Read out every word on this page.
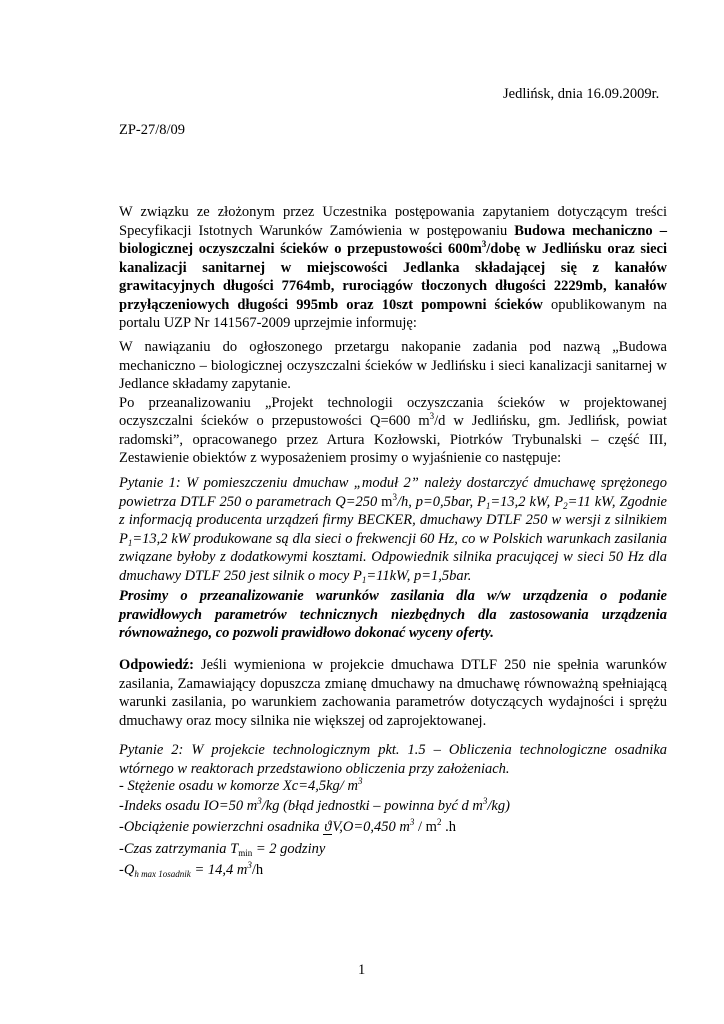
Jedlińsk, dnia 16.09.2009r.
ZP-27/8/09
W związku ze złożonym przez Uczestnika postępowania zapytaniem dotyczącym treści Specyfikacji Istotnych Warunków Zamówienia w postępowaniu Budowa mechaniczno – biologicznej oczyszczalni ścieków o przepustowości $600m^3$/dobę w Jedlińsku oraz sieci kanalizacji sanitarnej w miejscowości Jedlanka składającej się z kanałów grawitacyjnych długości 7764mb, rurociągów tłoczonych długości 2229mb, kanałów przyłączeniowych długości 995mb oraz 10szt pompowni ścieków opublikowanym na portalu UZP Nr 141567-2009 uprzejmie informuję:

W nawiązaniu do ogłoszonego przetargu nakopanie zadania pod nazwą „Budowa mechaniczno – biologicznej oczyszczalni ścieków w Jedlińsku i sieci kanalizacji sanitarnej w Jedlance składamy zapytanie.

Po przeanalizowaniu „Projekt technologii oczyszczania ścieków w projektowanej oczyszczalni ścieków o przepustowości Q=600 $m^3/d$ w Jedlińsku, gm. Jedlińsk, powiat radomski”, opracowanego przez Artura Kozłowski, Piotrków Trybunalski – część III, Zestawienie obiektów z wyposażeniem prosimy o wyjaśnienie co następuje:

Pytanie 1: W pomieszczeniu dmuchaw „moduł 2” należy dostarczyć dmuchawę sprężonego powietrza DTLF 250 o parametrach Q=250 $m^3/h$, p=0,5bar, $P_1=13,2$ kW, $P_2=11$ kW, Zgodnie z informacją producenta urządzeń firmy BECKER, dmuchawy DTLF 250 w wersji z silnikiem $P_1=13,2$ kW produkowane są dla sieci o frekwencji 60 Hz, co w Polskich warunkach zasilania związane byłoby z dodatkowymi kosztami. Odpowiednik silnika pracującej w sieci 50 Hz dla dmuchawy DTLF 250 jest silnik o mocy $P_1=11kW$, p=1,5bar.
Prosimy o przeanalizowanie warunków zasilania dla w/w urządzenia o podanie prawidłowych parametrów technicznych niezbędnych dla zastosowania urządzenia równoważnego, co pozwoli prawidłowo dokonać wyceny oferty.
Odpowiedź: Jeśli wymieniona w projekcie dmuchawa DTLF 250 nie spełnia warunków zasilania, Zamawiający dopuszcza zmianę dmuchawy na dmuchawę równoważną spełniającą warunki zasilania, po warunkiem zachowania parametrów dotyczących wydajności i sprężu dmuchawy oraz mocy silnika nie większej od zaprojektowanej.
Pytanie 2: W projekcie technologicznym pkt. 1.5 – Obliczenia technologiczne osadnika wtórnego w reaktorach przedstawiono obliczenia przy założeniach.
- Stężenie osadu w komorze Xc=4,5kg/ $m^3$
-Indeks osadu IO=50 $m^3/kg$ (błąd jednostki – powinna być d $m^3/kg$)
-Obciążenie powierzchni osadnika ϑV,O=0,450 $m^3 / m^2$ .h
-Czas zatrzymania $T_{min} = 2$ godziny
$-Q_{h max 1osadnik} = 14,4$ $m^3/h$
1
